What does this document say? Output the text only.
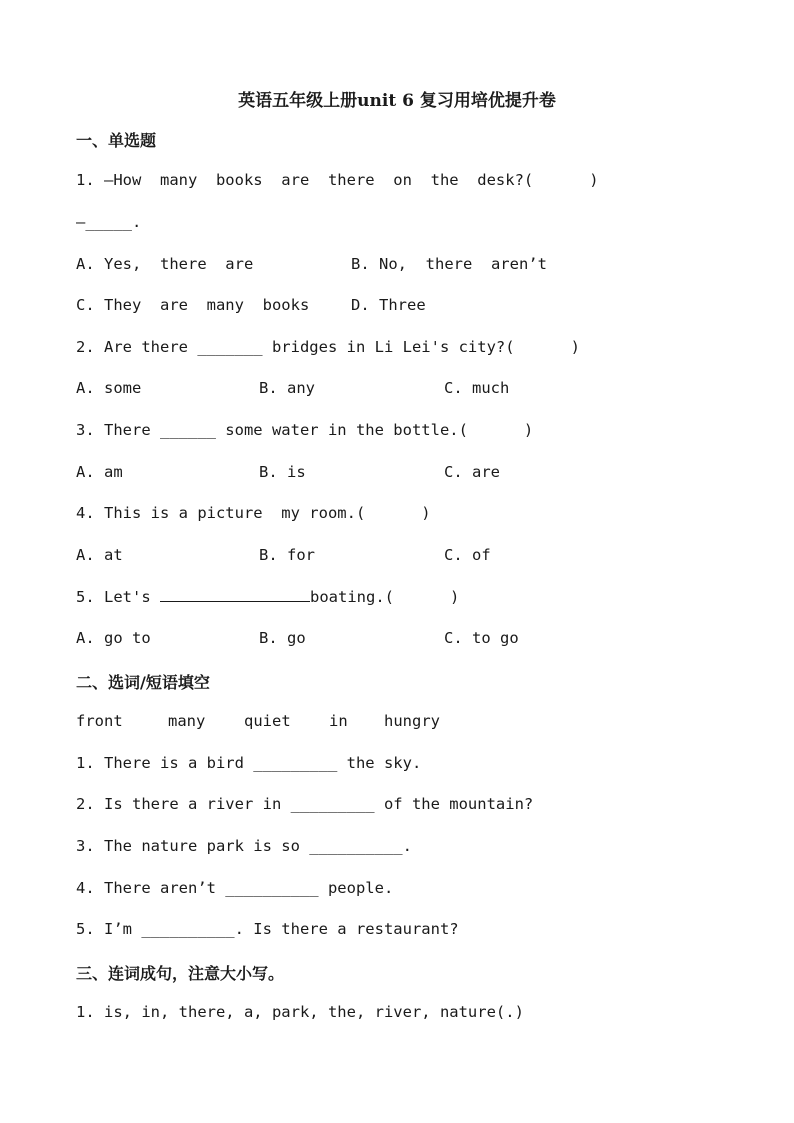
英语五年级上册unit 6 复习用培优提升卷
一、单选题
1. —How  many  books  are  there  on  the  desk?(      )
—_____.
A. Yes,  there  are	B. No,  there  aren’t
C. They  are  many  books	D. Three
2. Are there _______ bridges in Li Lei's city?(      )
A. some	B. any	C. much
3. There ______ some water in the bottle.(      )
A. am	B. is	C. are
4. This is a picture  my room.(      )
A. at	B. for	C. of
5. Let's	boating.(      )
A. go to	B. go	C. to go
二、选词/短语填空
front	many quiet in hungry
1. There is a bird _________ the sky.
2. Is there a river in _________ of the mountain?
3. The nature park is so __________.
4. There aren’t __________ people.
5. I’m __________. Is there a restaurant?
三、连词成句，注意大小写。
1. is, in, there, a, park, the, river, nature(.)
